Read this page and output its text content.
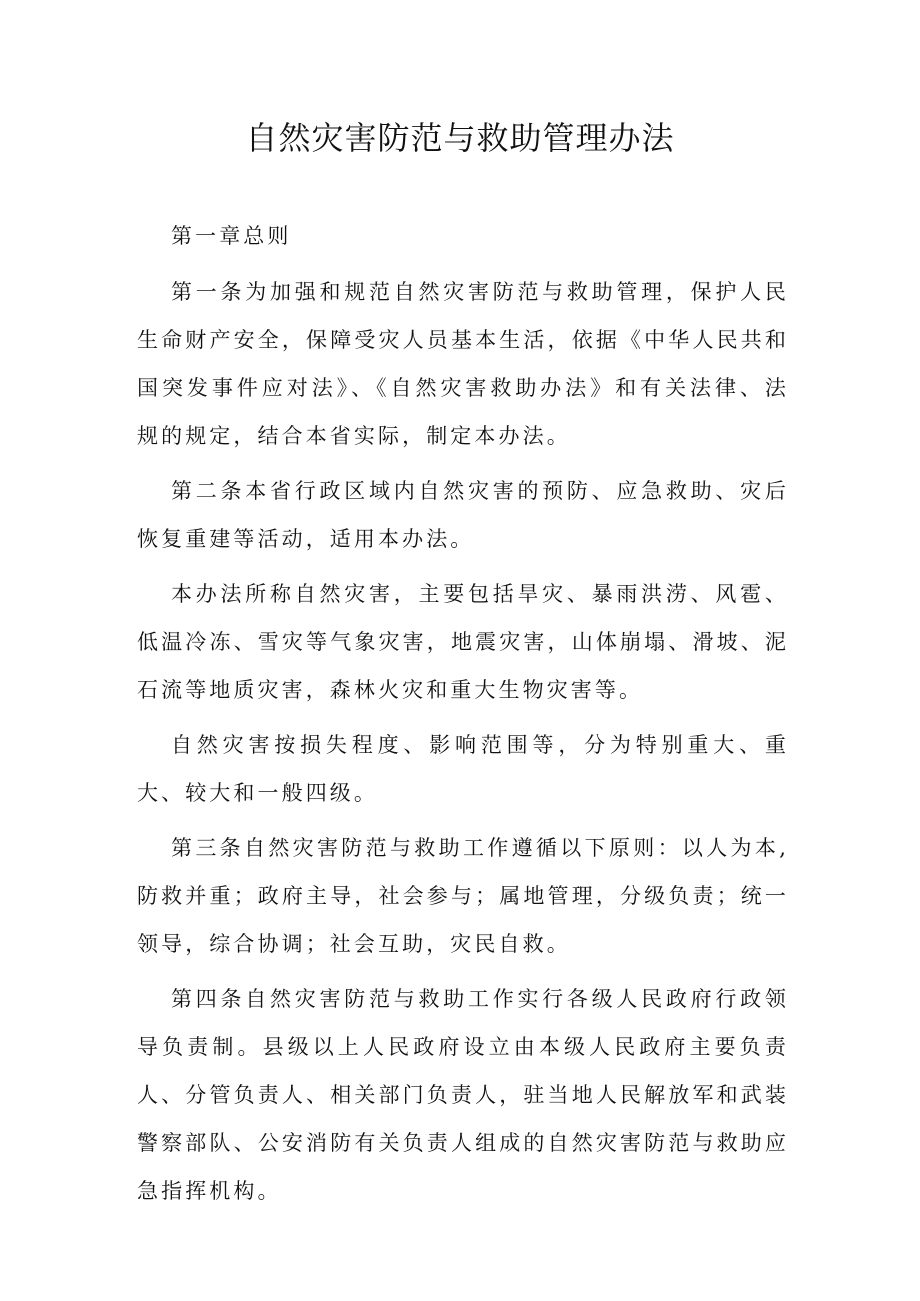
自然灾害防范与救助管理办法

第一章总则

第一条为加强和规范自然灾害防范与救助管理，保护人民生命财产安全，保障受灾人员基本生活，依据《中华人民共和国突发事件应对法》、《自然灾害救助办法》和有关法律、法规的规定，结合本省实际，制定本办法。

第二条本省行政区域内自然灾害的预防、应急救助、灾后恢复重建等活动，适用本办法。

本办法所称自然灾害，主要包括旱灾、暴雨洪涝、风雹、低温冷冻、雪灾等气象灾害，地震灾害，山体崩塌、滑坡、泥石流等地质灾害，森林火灾和重大生物灾害等。

自然灾害按损失程度、影响范围等，分为特别重大、重大、较大和一般四级。

第三条自然灾害防范与救助工作遵循以下原则：以人为本,防救并重；政府主导，社会参与；属地管理，分级负责；统一领导，综合协调；社会互助，灾民自救。

第四条自然灾害防范与救助工作实行各级人民政府行政领导负责制。县级以上人民政府设立由本级人民政府主要负责人、分管负责人、相关部门负责人，驻当地人民解放军和武装警察部队、公安消防有关负责人组成的自然灾害防范与救助应急指挥机构。
